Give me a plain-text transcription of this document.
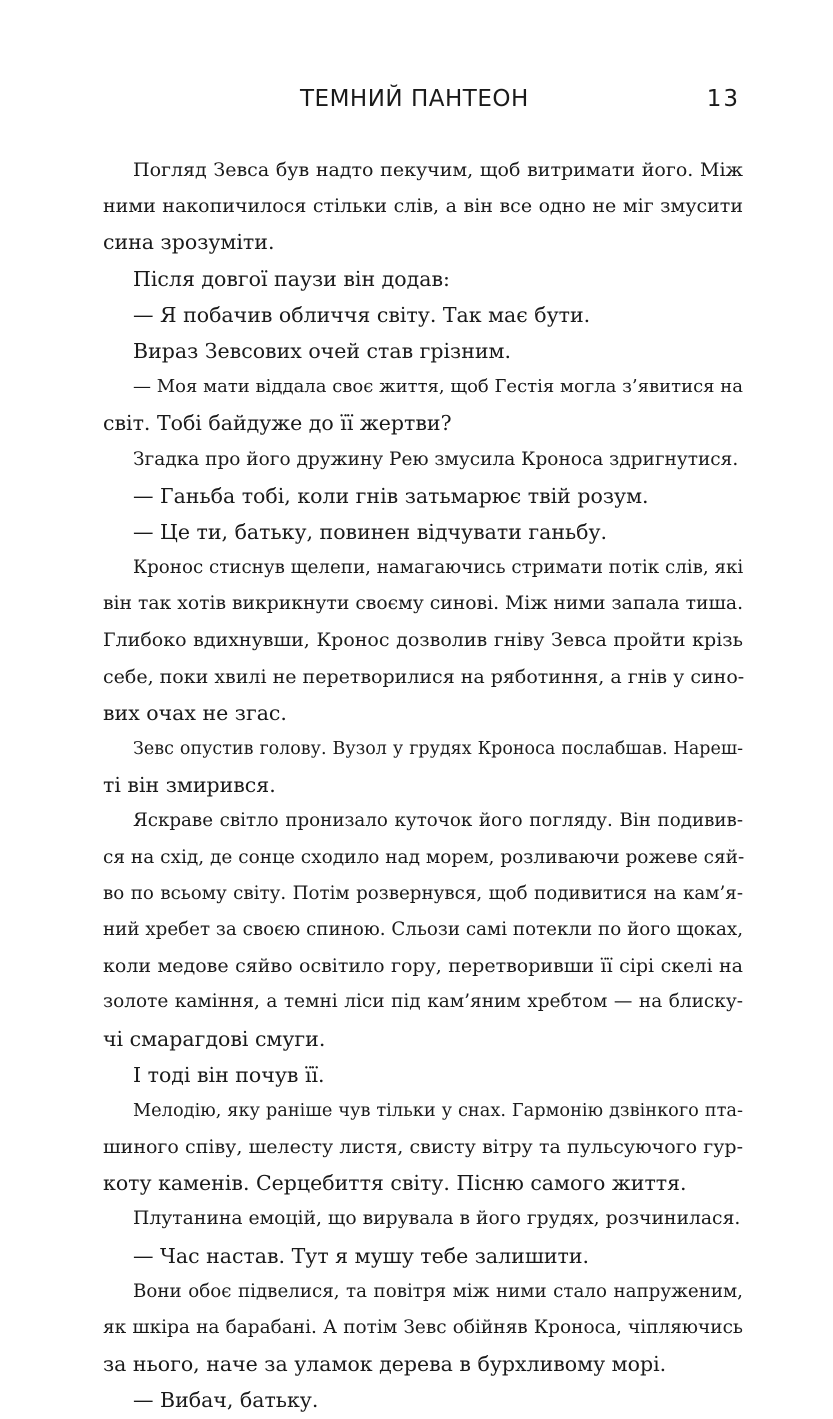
ТЕМНИЙ ПАНТЕОН	13
Погляд Зевса був надто пекучим, щоб витримати його. Між
ними накопичилося стільки слів, а він все одно не міг змусити
сина зрозуміти.
Після довгої паузи він додав:
— Я побачив обличчя світу. Так має бути.
Вираз Зевсових очей став грізним.
— Моя мати віддала своє життя, щоб Гестія могла з’явитися на
світ. Тобі байдуже до її жертви?
Згадка про його дружину Рею змусила Кроноса здригнутися.
— Ганьба тобі, коли гнів затьмарює твій розум.
— Це ти, батьку, повинен відчувати ганьбу.
Кронос стиснув щелепи, намагаючись стримати потік слів, які
він так хотів викрикнути своєму синові. Між ними запала тиша.
Глибоко вдихнувши, Кронос дозволив гніву Зевса пройти крізь
себе, поки хвилі не перетворилися на рябoтиння, а гнів у сино-
вих очах не згас.
Зевс опустив голову. Вузол у грудях Кроноса послабшав. Нареш-
ті він змирився.
Яскраве світло пронизало куточок його погляду. Він подивив-
ся на схід, де сонце сходило над морем, розливаючи рожеве сяй-
во по всьому світу. Потім розвернувся, щоб подивитися на кам’я-
ний хребет за своєю спиною. Сльози самі потекли по його щоках,
коли медове сяйво освітило гору, перетворивши її сірі скелі на
золоте каміння, а темні ліси під кам’яним хребтом — на блиску-
чі смарагдові смуги.
І тоді він почув її.
Мелодію, яку раніше чув тільки у снах. Гармонію дзвінкого пта-
шиного співу, шелесту листя, свисту вітру та пульсуючого гур-
коту каменів. Серцебиття світу. Пісню самого життя.
Плутанина емоцій, що вирувала в його грудях, розчинилася.
— Час настав. Тут я мушу тебе залишити.
Вони обоє підвелися, та повітря між ними стало напруженим,
як шкіра на барабані. А потім Зевс обійняв Кроноса, чіпляючись
за нього, наче за уламок дерева в бурхливому морі.
— Вибач, батьку.
